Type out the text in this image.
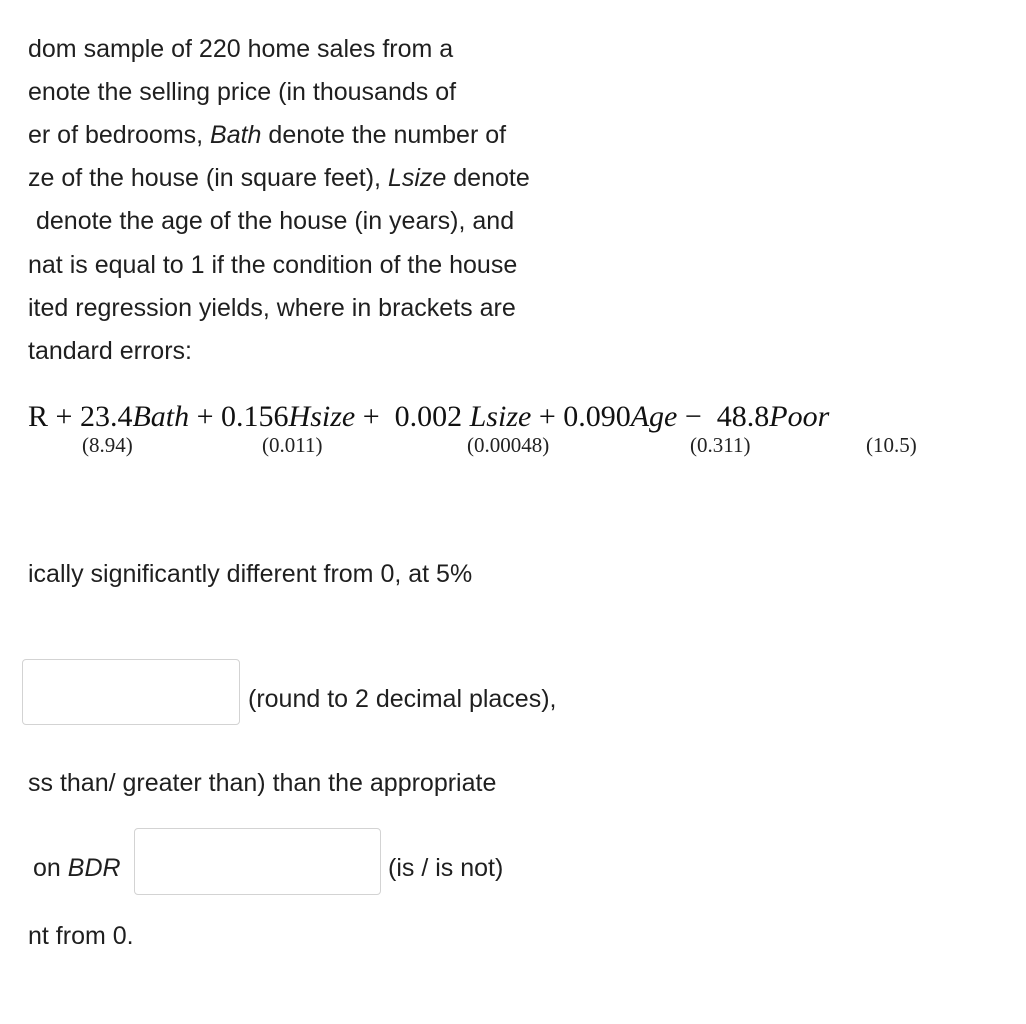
dom sample of 220 home sales from a
enote the selling price (in thousands of
er of bedrooms, Bath denote the number of
ze of the house (in square feet), Lsize denote
denote the age of the house (in years), and
nat is equal to 1 if the condition of the house
ited regression yields, where in brackets are
tandard errors:
R + 23.4Bath + 0.156Hsize +  0.002 Lsize + 0.090Age −  48.8Poor
(8.94)	(0.011)	(0.00048)	(0.311)	(10.5)
ically significantly different from 0, at 5%
(round to 2 decimal places),
ss than/ greater than) than the appropriate
on BDR	(is / is not)
nt from 0.
